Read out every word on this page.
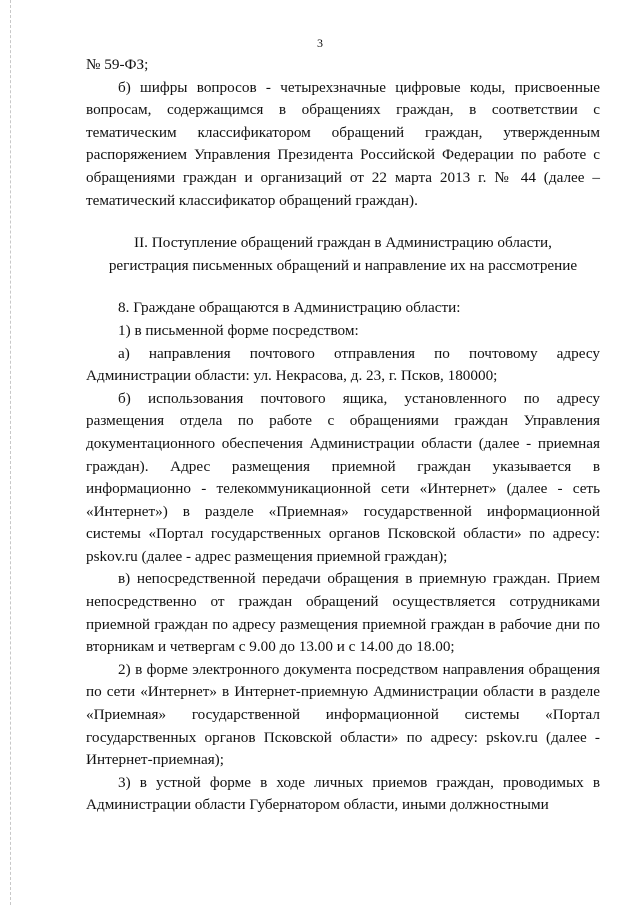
3

№ 59-ФЗ;

б) шифры вопросов - четырехзначные цифровые коды, присвоенные вопросам, содержащимся в обращениях граждан, в соответствии с тематическим классификатором обращений граждан, утвержденным распоряжением Управления Президента Российской Федерации по работе с обращениями граждан и организаций от 22 марта 2013 г. № 44 (далее – тематический классификатор обращений граждан).

II. Поступление обращений граждан в Администрацию области,
регистрация письменных обращений и направление их на рассмотрение

8. Граждане обращаются в Администрацию области:

1) в письменной форме посредством:

а) направления почтового отправления по почтовому адресу Администрации области: ул. Некрасова, д. 23, г. Псков, 180000;

б) использования почтового ящика, установленного по адресу размещения отдела по работе с обращениями граждан Управления документационного обеспечения Администрации области (далее - приемная граждан). Адрес размещения приемной граждан указывается в информационно - телекоммуникационной сети «Интернет» (далее - сеть «Интернет») в разделе «Приемная» государственной информационной системы «Портал государственных органов Псковской области» по адресу: pskov.ru (далее - адрес размещения приемной граждан);

в) непосредственной передачи обращения в приемную граждан. Прием непосредственно от граждан обращений осуществляется сотрудниками приемной граждан по адресу размещения приемной граждан в рабочие дни по вторникам и четвергам с 9.00 до 13.00 и с 14.00 до 18.00;

2) в форме электронного документа посредством направления обращения по сети «Интернет» в Интернет-приемную Администрации области в разделе «Приемная» государственной информационной системы «Портал государственных органов Псковской области» по адресу: pskov.ru (далее - Интернет-приемная);

3) в устной форме в ходе личных приемов граждан, проводимых в Администрации области Губернатором области, иными должностными
